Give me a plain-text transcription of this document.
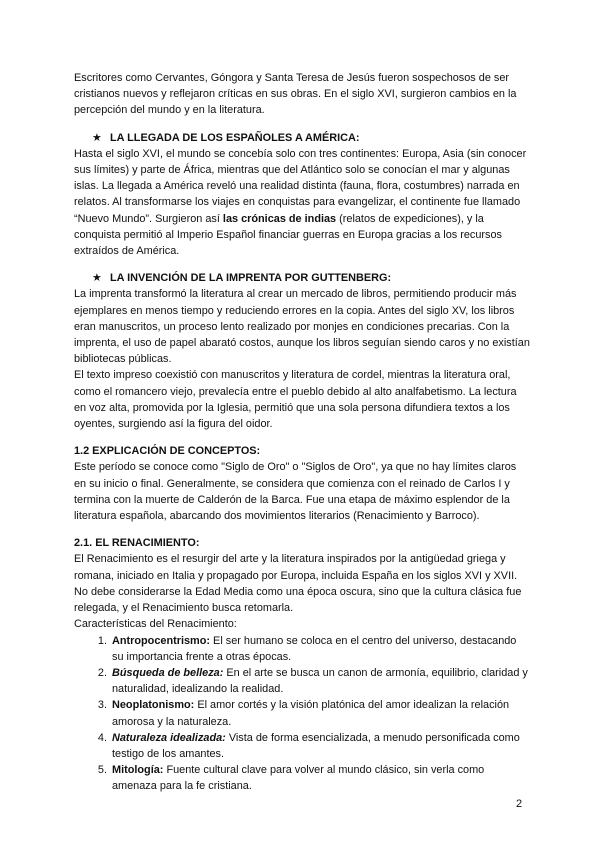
Escritores como Cervantes, Góngora y Santa Teresa de Jesús fueron sospechosos de ser cristianos nuevos y reflejaron críticas en sus obras. En el siglo XVI, surgieron cambios en la percepción del mundo y en la literatura.

★ LA LLEGADA DE LOS ESPAÑOLES A AMÉRICA:

Hasta el siglo XVI, el mundo se concebía solo con tres continentes: Europa, Asia (sin conocer sus límites) y parte de África, mientras que del Atlántico solo se conocían el mar y algunas islas. La llegada a América reveló una realidad distinta (fauna, flora, costumbres) narrada en relatos. Al transformarse los viajes en conquistas para evangelizar, el continente fue llamado “Nuevo Mundo”. Surgieron así las crónicas de indias (relatos de expediciones), y la conquista permitió al Imperio Español financiar guerras en Europa gracias a los recursos extraídos de América.

★ LA INVENCIÓN DE LA IMPRENTA POR GUTTENBERG:

La imprenta transformó la literatura al crear un mercado de libros, permitiendo producir más ejemplares en menos tiempo y reduciendo errores en la copia. Antes del siglo XV, los libros eran manuscritos, un proceso lento realizado por monjes en condiciones precarias. Con la imprenta, el uso de papel abarató costos, aunque los libros seguían siendo caros y no existían bibliotecas públicas.

El texto impreso coexistió con manuscritos y literatura de cordel, mientras la literatura oral, como el romancero viejo, prevalecía entre el pueblo debido al alto analfabetismo. La lectura en voz alta, promovida por la Iglesia, permitió que una sola persona difundiera textos a los oyentes, surgiendo así la figura del oidor.

1.2 EXPLICACIÓN DE CONCEPTOS:

Este período se conoce como "Siglo de Oro" o "Siglos de Oro", ya que no hay límites claros en su inicio o final. Generalmente, se considera que comienza con el reinado de Carlos I y termina con la muerte de Calderón de la Barca. Fue una etapa de máximo esplendor de la literatura española, abarcando dos movimientos literarios (Renacimiento y Barroco).

2.1. EL RENACIMIENTO:

El Renacimiento es el resurgir del arte y la literatura inspirados por la antigüedad griega y romana, iniciado en Italia y propagado por Europa, incluida España en los siglos XVI y XVII. No debe considerarse la Edad Media como una época oscura, sino que la cultura clásica fue relegada, y el Renacimiento busca retomarla.

Características del Renacimiento:

1. Antropocentrismo: El ser humano se coloca en el centro del universo, destacando su importancia frente a otras épocas.
2. Búsqueda de belleza: En el arte se busca un canon de armonía, equilibrio, claridad y naturalidad, idealizando la realidad.
3. Neoplatonismo: El amor cortés y la visión platónica del amor idealizan la relación amorosa y la naturaleza.
4. Naturaleza idealizada: Vista de forma esencializada, a menudo personificada como testigo de los amantes.
5. Mitología: Fuente cultural clave para volver al mundo clásico, sin verla como amenaza para la fe cristiana.
2
